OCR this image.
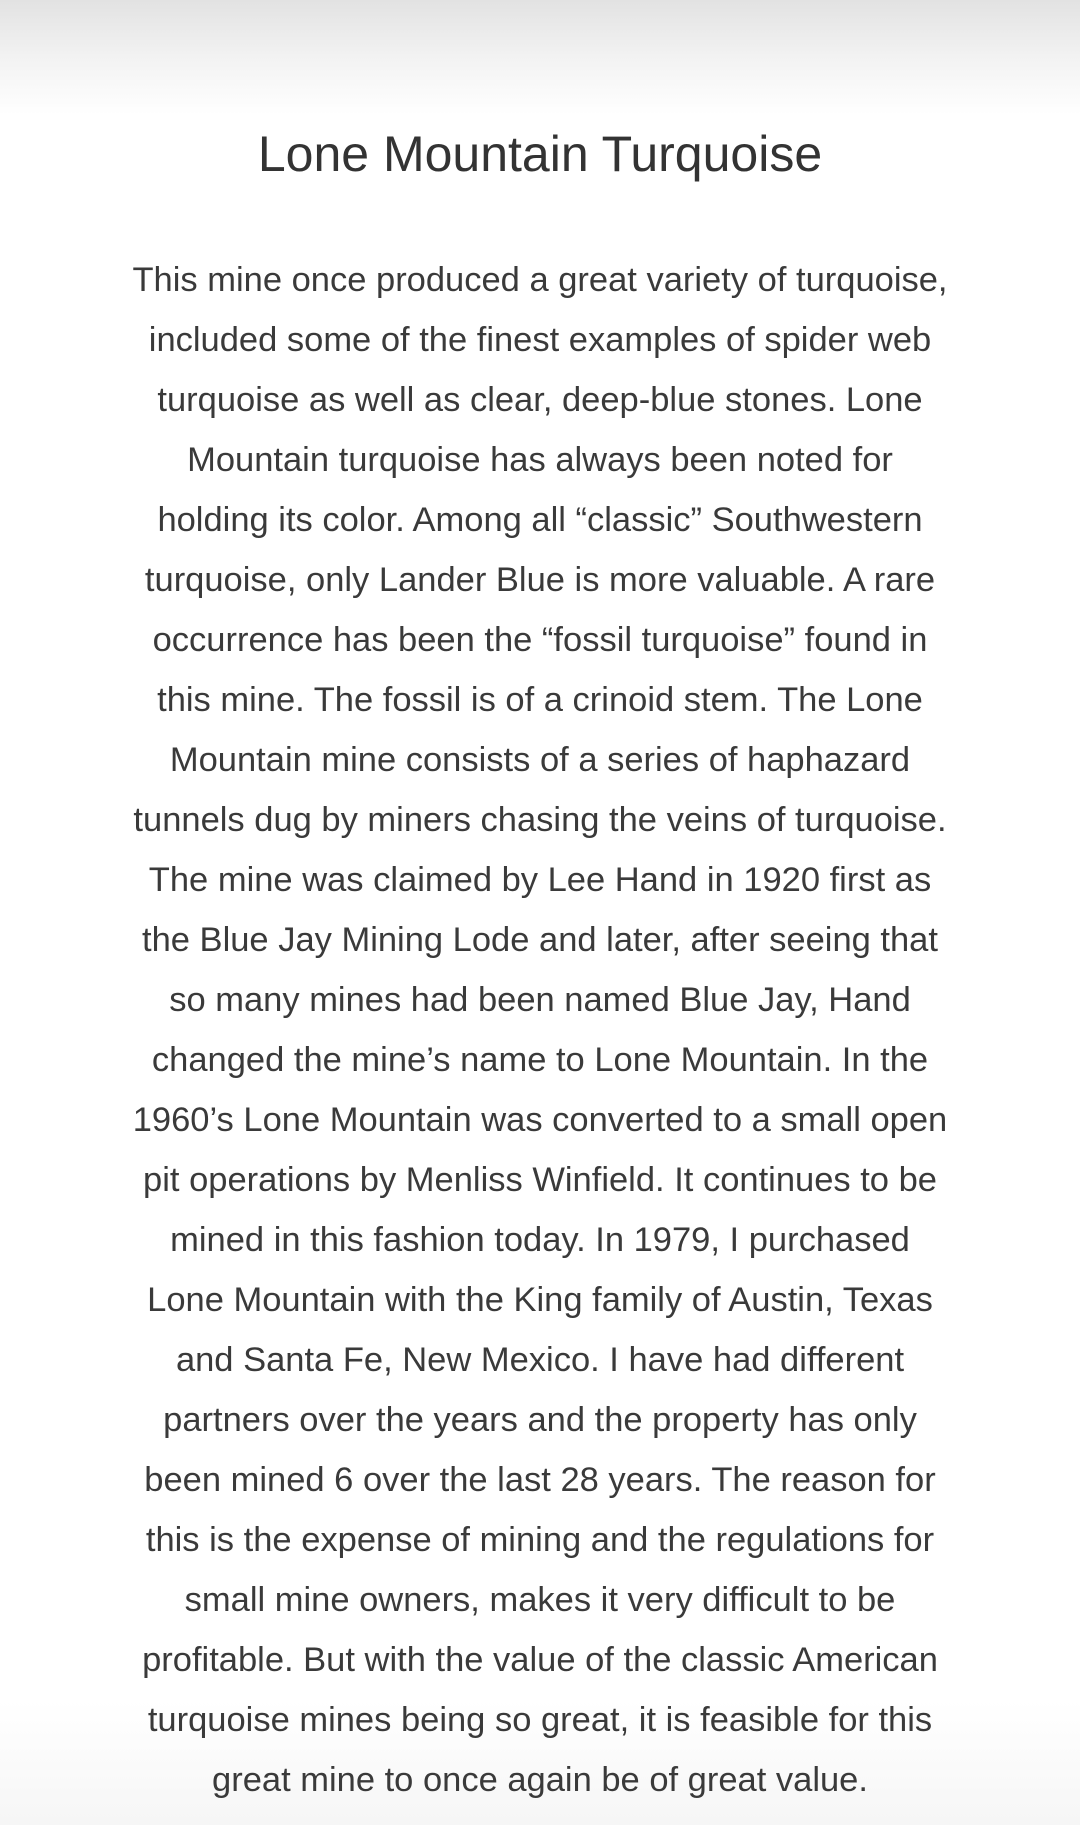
Lone Mountain Turquoise

This mine once produced a great variety of turquoise,
included some of the finest examples of spider web
turquoise as well as clear, deep-blue stones. Lone
Mountain turquoise has always been noted for
holding its color. Among all “classic” Southwestern
turquoise, only Lander Blue is more valuable. A rare
occurrence has been the “fossil turquoise” found in
this mine. The fossil is of a crinoid stem. The Lone
Mountain mine consists of a series of haphazard
tunnels dug by miners chasing the veins of turquoise.
The mine was claimed by Lee Hand in 1920 first as
the Blue Jay Mining Lode and later, after seeing that
so many mines had been named Blue Jay, Hand
changed the mine’s name to Lone Mountain. In the
1960’s Lone Mountain was converted to a small open
pit operations by Menliss Winfield. It continues to be
mined in this fashion today. In 1979, I purchased
Lone Mountain with the King family of Austin, Texas
and Santa Fe, New Mexico. I have had different
partners over the years and the property has only
been mined 6 over the last 28 years. The reason for
this is the expense of mining and the regulations for
small mine owners, makes it very difficult to be
profitable. But with the value of the classic American
turquoise mines being so great, it is feasible for this
great mine to once again be of great value.
